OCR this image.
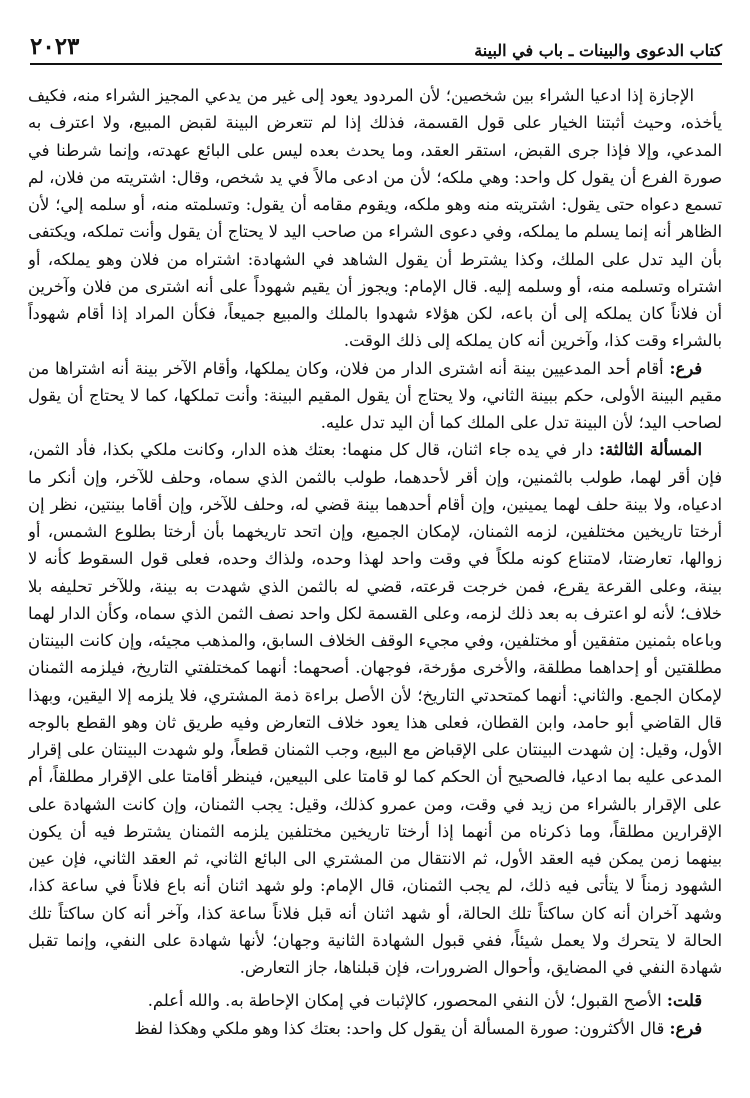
٢٠٢٣	كتاب الدعوى والبينات ـ باب في البينة

الإجازة إذا ادعيا الشراء بين شخصين؛ لأن المردود يعود إلى غير من يدعي المجيز الشراء منه، فكيف يأخذه، وحيث أثبتنا الخيار على قول القسمة، فذلك إذا لم تتعرض البينة لقبض المبيع، ولا اعترف به المدعي، وإلا فإذا جرى القبض، استقر العقد، وما يحدث بعده ليس على البائع عهدته، وإنما شرطنا في صورة الفرع أن يقول كل واحد: وهي ملكه؛ لأن من ادعى مالاً في يد شخص، وقال: اشتريته من فلان، لم تسمع دعواه حتى يقول: اشتريته منه وهو ملكه، ويقوم مقامه أن يقول: وتسلمته منه، أو سلمه إلي؛ لأن الظاهر أنه إنما يسلم ما يملكه، وفي دعوى الشراء من صاحب اليد لا يحتاج أن يقول وأنت تملكه، ويكتفى بأن اليد تدل على الملك، وكذا يشترط أن يقول الشاهد في الشهادة: اشتراه من فلان وهو يملكه، أو اشتراه وتسلمه منه، أو وسلمه إليه. قال الإمام: ويجوز أن يقيم شهوداً على أنه اشترى من فلان وآخرين أن فلاناً كان يملكه إلى أن باعه، لكن هؤلاء شهدوا بالملك والمبيع جميعاً، فكأن المراد إذا أقام شهوداً بالشراء وقت كذا، وآخرين أنه كان يملكه إلى ذلك الوقت.

فرع: أقام أحد المدعيين بينة أنه اشترى الدار من فلان، وكان يملكها، وأقام الآخر بينة أنه اشتراها من مقيم البينة الأولى، حكم ببينة الثاني، ولا يحتاج أن يقول المقيم البينة: وأنت تملكها، كما لا يحتاج أن يقول لصاحب اليد؛ لأن البينة تدل على الملك كما أن اليد تدل عليه.

المسألة الثالثة: دار في يده جاء اثنان، قال كل منهما: بعتك هذه الدار، وكانت ملكي بكذا، فأد الثمن، فإن أقر لهما، طولب بالثمنين، وإن أقر لأحدهما، طولب بالثمن الذي سماه، وحلف للآخر، وإن أنكر ما ادعياه، ولا بينة حلف لهما يمينين، وإن أقام أحدهما بينة قضي له، وحلف للآخر، وإن أقاما بينتين، نظر إن أرختا تاريخين مختلفين، لزمه الثمنان، لإمكان الجميع، وإن اتحد تاريخهما بأن أرختا بطلوع الشمس، أو زوالها، تعارضتا، لامتناع كونه ملكاً في وقت واحد لهذا وحده، ولذاك وحده، فعلى قول السقوط كأنه لا بينة، وعلى القرعة يقرع، فمن خرجت قرعته، قضي له بالثمن الذي شهدت به بينة، وللآخر تحليفه بلا خلاف؛ لأنه لو اعترف به بعد ذلك لزمه، وعلى القسمة لكل واحد نصف الثمن الذي سماه، وكأن الدار لهما وباعاه بثمنين متفقين أو مختلفين، وفي مجيء الوقف الخلاف السابق، والمذهب مجيئه، وإن كانت البينتان مطلقتين أو إحداهما مطلقة، والأخرى مؤرخة، فوجهان. أصحهما: أنهما كمختلفتي التاريخ، فيلزمه الثمنان لإمكان الجمع. والثاني: أنهما كمتحدتي التاريخ؛ لأن الأصل براءة ذمة المشتري، فلا يلزمه إلا اليقين، وبهذا قال القاضي أبو حامد، وابن القطان، فعلى هذا يعود خلاف التعارض وفيه طريق ثان وهو القطع بالوجه الأول، وقيل: إن شهدت البينتان على الإقباض مع البيع، وجب الثمنان قطعاً، ولو شهدت البينتان على إقرار المدعى عليه بما ادعيا، فالصحيح أن الحكم كما لو قامتا على البيعين، فينظر أقامتا على الإقرار مطلقاً، أم على الإقرار بالشراء من زيد في وقت، ومن عمرو كذلك، وقيل: يجب الثمنان، وإن كانت الشهادة على الإقرارين مطلقاً، وما ذكرناه من أنهما إذا أرختا تاريخين مختلفين يلزمه الثمنان يشترط فيه أن يكون بينهما زمن يمكن فيه العقد الأول، ثم الانتقال من المشتري الى البائع الثاني، ثم العقد الثاني، فإن عين الشهود زمناً لا يتأتى فيه ذلك، لم يجب الثمنان، قال الإمام: ولو شهد اثنان أنه باع فلاناً في ساعة كذا، وشهد آخران أنه كان ساكتاً تلك الحالة، أو شهد اثنان أنه قبل فلاناً ساعة كذا، وآخر أنه كان ساكتاً تلك الحالة لا يتحرك ولا يعمل شيئاً، ففي قبول الشهادة الثانية وجهان؛ لأنها شهادة على النفي، وإنما تقبل شهادة النفي في المضايق، وأحوال الضرورات، فإن قبلناها، جاز التعارض.

قلت: الأصح القبول؛ لأن النفي المحصور، كالإثبات في إمكان الإحاطة به. والله أعلم.

فرع: قال الأكثرون: صورة المسألة أن يقول كل واحد: بعتك كذا وهو ملكي وهكذا لفظ
